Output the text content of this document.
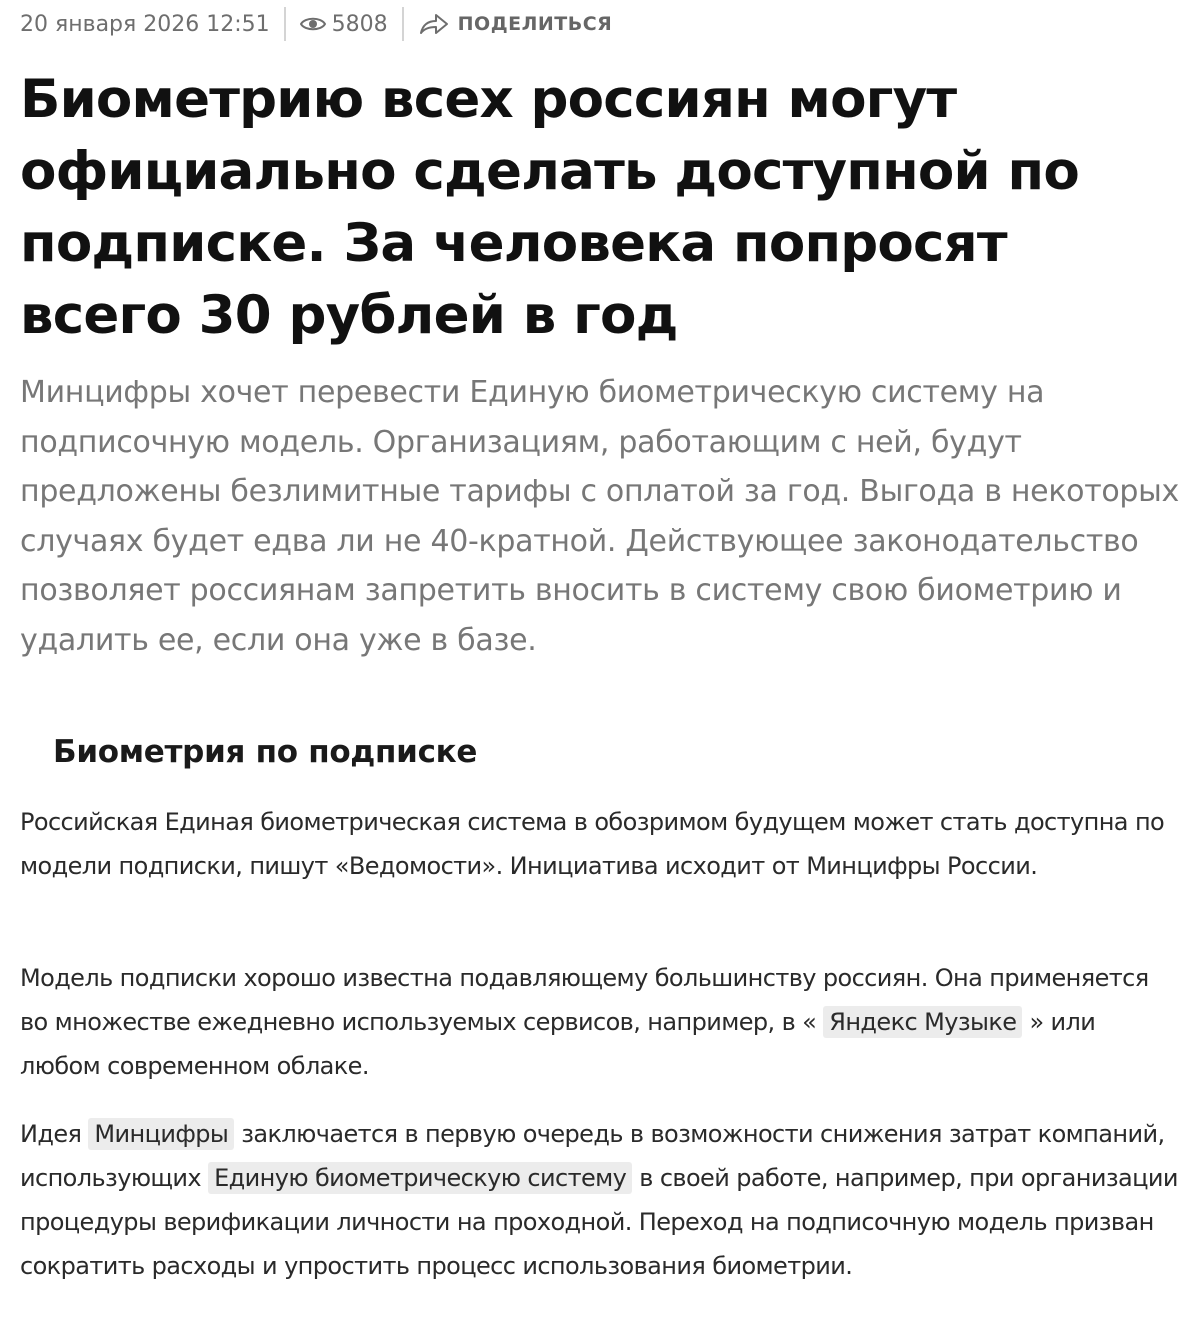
20 января 2026 12:51	5808	ПОДЕЛИТЬСЯ
Биометрию всех россиян могут официально сделать доступной по подписке. За человека попросят всего 30 рублей в год

Минцифры хочет перевести Единую биометрическую систему на подписочную модель. Организациям, работающим с ней, будут предложены безлимитные тарифы с оплатой за год. Выгода в некоторых случаях будет едва ли не 40-кратной. Действующее законодательство позволяет россиянам запретить вносить в систему свою биометрию и удалить ее, если она уже в базе.

Биометрия по подписке

Российская Единая биометрическая система в обозримом будущем может стать доступна по модели подписки, пишут «Ведомости». Инициатива исходит от Минцифры России.

Модель подписки хорошо известна подавляющему большинству россиян. Она применяется во множестве ежедневно используемых сервисов, например, в « Яндекс Музыке » или любом современном облаке.

Идея Минцифры заключается в первую очередь в возможности снижения затрат компаний, использующих Единую биометрическую систему в своей работе, например, при организации процедуры верификации личности на проходной. Переход на подписочную модель призван сократить расходы и упростить процесс использования биометрии.
